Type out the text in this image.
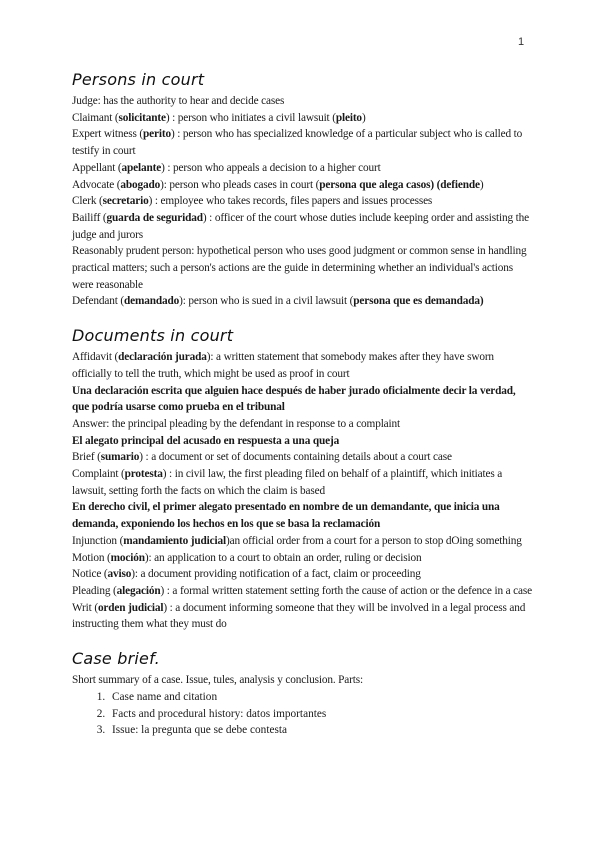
1
Persons in court

Judge: has the authority to hear and decide cases

Claimant (solicitante) : person who initiates a civil lawsuit (pleito)

Expert witness (perito) : person who has specialized knowledge of a particular subject who is called to testify in court

Appellant (apelante) : person who appeals a decision to a higher court

Advocate (abogado): person who pleads cases in court (persona que alega casos) (defiende)

Clerk (secretario) : employee who takes records, files papers and issues processes

Bailiff (guarda de seguridad) : officer of the court whose duties include keeping order and assisting the judge and jurors

Reasonably prudent person: hypothetical person who uses good judgment or common sense in handling practical matters; such a person's actions are the guide in determining whether an individual's actions were reasonable

Defendant (demandado): person who is sued in a civil lawsuit (persona que es demandada)

Documents in court

Affidavit (declaración jurada): a written statement that somebody makes after they have sworn officially to tell the truth, which might be used as proof in court

Una declaración escrita que alguien hace después de haber jurado oficialmente decir la verdad, que podría usarse como prueba en el tribunal

Answer: the principal pleading by the defendant in response to a complaint

El alegato principal del acusado en respuesta a una queja

Brief (sumario) : a document or set of documents containing details about a court case

Complaint (protesta) : in civil law, the first pleading filed on behalf of a plaintiff, which initiates a lawsuit, setting forth the facts on which the claim is based

En derecho civil, el primer alegato presentado en nombre de un demandante, que inicia una demanda, exponiendo los hechos en los que se basa la reclamación

Injunction (mandamiento judicial)an official order from a court for a person to stop dOing something

Motion (moción): an application to a court to obtain an order, ruling or decision

Notice (aviso): a document providing notification of a fact, claim or proceeding

Pleading (alegación) : a formal written statement setting forth the cause of action or the defence in a case

Writ (orden judicial) : a document informing someone that they will be involved in a legal process and instructing them what they must do

Case brief.

Short summary of a case. Issue, tules, analysis y conclusion. Parts:

1. Case name and citation
2. Facts and procedural history: datos importantes
3. Issue: la pregunta que se debe contesta
